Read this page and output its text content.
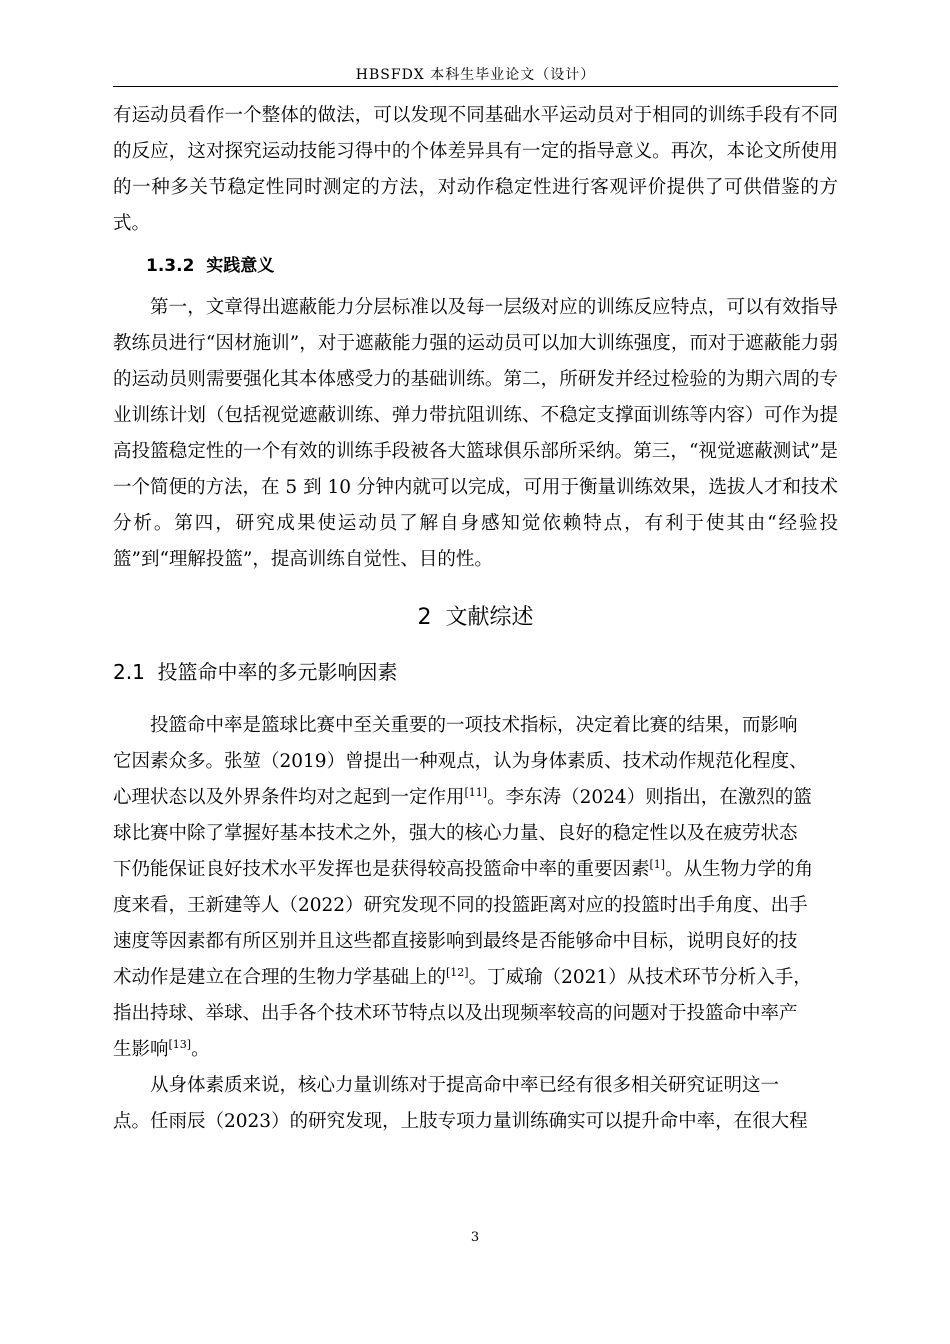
HBSFDX 本科生毕业论文（设计）

有运动员看作一个整体的做法，可以发现不同基础水平运动员对于相同的训练手段有不同的反应，这对探究运动技能习得中的个体差异具有一定的指导意义。再次，本论文所使用的一种多关节稳定性同时测定的方法，对动作稳定性进行客观评价提供了可供借鉴的方式。

1.3.2 实践意义

第一，文章得出遮蔽能力分层标准以及每一层级对应的训练反应特点，可以有效指导教练员进行“因材施训”，对于遮蔽能力强的运动员可以加大训练强度，而对于遮蔽能力弱的运动员则需要强化其本体感受力的基础训练。第二，所研发并经过检验的为期六周的专业训练计划（包括视觉遮蔽训练、弹力带抗阻训练、不稳定支撑面训练等内容）可作为提高投篮稳定性的一个有效的训练手段被各大篮球俱乐部所采纳。第三，“视觉遮蔽测试”是一个简便的方法，在 5 到 10 分钟内就可以完成，可用于衡量训练效果，选拔人才和技术分析。第四，研究成果使运动员了解自身感知觉依赖特点，有利于使其由“经验投篮”到“理解投篮”，提高训练自觉性、目的性。

2 文献综述
2.1 投篮命中率的多元影响因素

投篮命中率是篮球比赛中至关重要的一项技术指标，决定着比赛的结果，而影响

它因素众多。张堃（2019）曾提出一种观点，认为身体素质、技术动作规范化程度、

心理状态以及外界条件均对之起到一定作用[11]。李东涛（2024）则指出，在激烈的篮

球比赛中除了掌握好基本技术之外，强大的核心力量、良好的稳定性以及在疲劳状态

下仍能保证良好技术水平发挥也是获得较高投篮命中率的重要因素[1]。从生物力学的角

度来看，王新建等人（2022）研究发现不同的投篮距离对应的投篮时出手角度、出手

速度等因素都有所区别并且这些都直接影响到最终是否能够命中目标，说明良好的技

术动作是建立在合理的生物力学基础上的[12]。丁威瑜（2021）从技术环节分析入手，

指出持球、举球、出手各个技术环节特点以及出现频率较高的问题对于投篮命中率产

生影响[13]。

从身体素质来说，核心力量训练对于提高命中率已经有很多相关研究证明这一

点。任雨辰（2023）的研究发现，上肢专项力量训练确实可以提升命中率，在很大程

3
